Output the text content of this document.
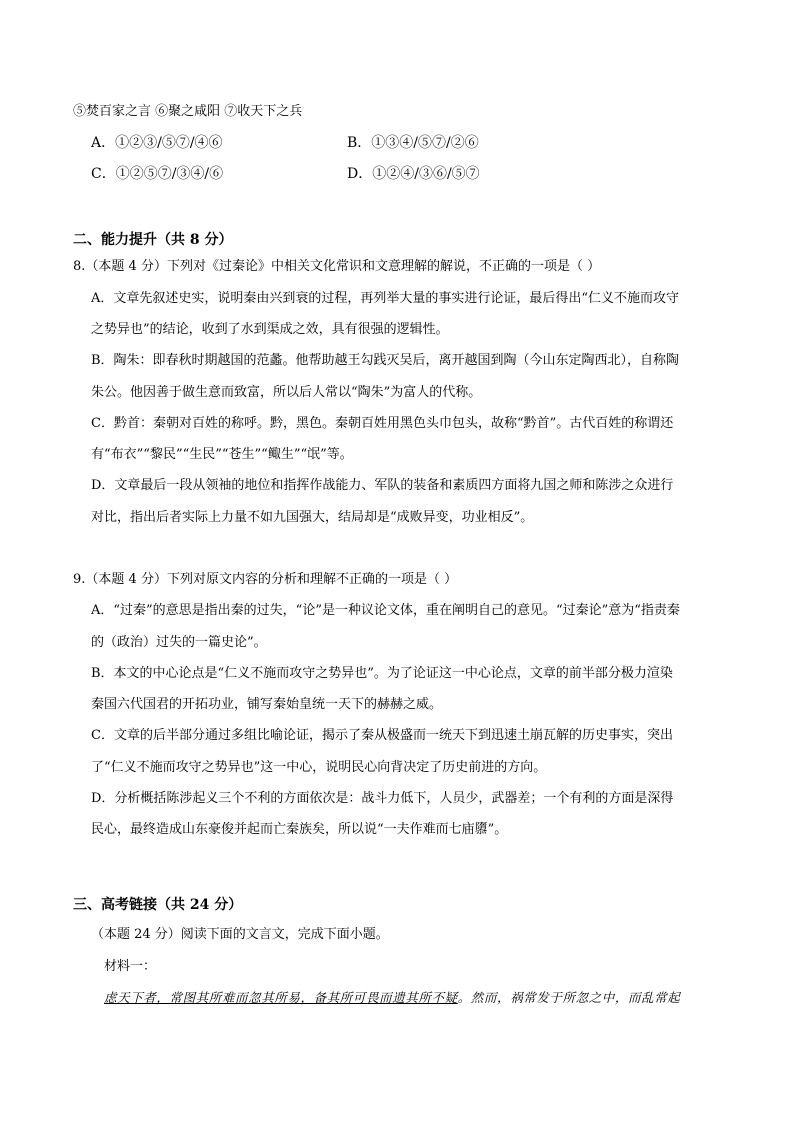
⑤焚百家之言 ⑥聚之咸阳 ⑦收天下之兵
A．①②③/⑤⑦/④⑥	B．①③④/⑤⑦/②⑥
C．①②⑤⑦/③④/⑥	D．①②④/③⑥/⑤⑦
二、能力提升（共 8 分）
8.（本题 4 分）下列对《过秦论》中相关文化常识和文意理解的解说，不正确的一项是（ ）
A．文章先叙述史实，说明秦由兴到衰的过程，再列举大量的事实进行论证，最后得出“仁义不施而攻守
之势异也”的结论，收到了水到渠成之效，具有很强的逻辑性。
B．陶朱：即春秋时期越国的范蠡。他帮助越王勾践灭吴后，离开越国到陶（今山东定陶西北），自称陶
朱公。他因善于做生意而致富，所以后人常以“陶朱”为富人的代称。
C．黔首：秦朝对百姓的称呼。黔，黑色。秦朝百姓用黑色头巾包头，故称“黔首”。古代百姓的称谓还
有“布衣”“黎民”“生民”“苍生”“鲰生”“氓”等。
D．文章最后一段从领袖的地位和指挥作战能力、军队的装备和素质四方面将九国之师和陈涉之众进行
对比，指出后者实际上力量不如九国强大，结局却是“成败异变，功业相反”。
9.（本题 4 分）下列对原文内容的分析和理解不正确的一项是（ ）
A．“过秦”的意思是指出秦的过失，“论”是一种议论文体，重在阐明自己的意见。“过秦论”意为“指责秦
的（政治）过失的一篇史论”。
B．本文的中心论点是“仁义不施而攻守之势异也”。为了论证这一中心论点，文章的前半部分极力渲染
秦国六代国君的开拓功业，铺写秦始皇统一天下的赫赫之威。
C．文章的后半部分通过多组比喻论证，揭示了秦从极盛而一统天下到迅速土崩瓦解的历史事实，突出
了“仁义不施而攻守之势异也”这一中心，说明民心向背决定了历史前进的方向。
D．分析概括陈涉起义三个不利的方面依次是：战斗力低下，人员少，武器差；一个有利的方面是深得
民心，最终造成山东豪俊并起而亡秦族矣，所以说“一夫作难而七庙隳”。
三、高考链接（共 24 分）
（本题 24 分）阅读下面的文言文，完成下面小题。
材料一：
虑天下者，常图其所难而忽其所易，备其所可畏而遗其所不疑。然而，祸常发于所忽之中，而乱常起
